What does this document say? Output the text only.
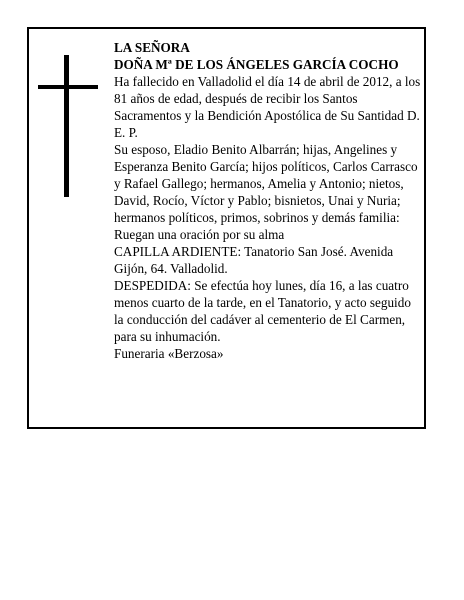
LA SEÑORA

DOÑA Mª DE LOS ÁNGELES GARCÍA COCHO

Ha fallecido en Valladolid el día 14 de abril de 2012, a los 81 años de edad, después de recibir los Santos Sacramentos y la Bendición Apostólica de Su Santidad D. E. P.

Su esposo, Eladio Benito Albarrán; hijas, Angelines y Esperanza Benito García; hijos políticos, Carlos Carrasco y Rafael Gallego; hermanos, Amelia y Antonio; nietos, David, Rocío, Víctor y Pablo; bisnietos, Unai y Nuria; hermanos políticos, primos, sobrinos y demás familia:

Ruegan una oración por su alma

CAPILLA ARDIENTE: Tanatorio San José. Avenida Gijón, 64. Valladolid.

DESPEDIDA: Se efectúa hoy lunes, día 16, a las cuatro menos cuarto de la tarde, en el Tanatorio, y acto seguido la conducción del cadáver al cementerio de El Carmen, para su inhumación.

Funeraria «Berzosa»
